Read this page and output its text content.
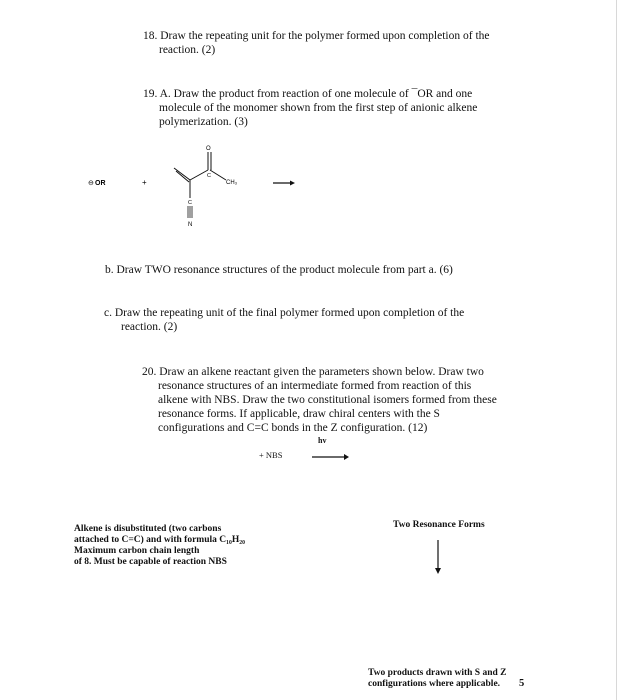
18. Draw the repeating unit for the polymer formed upon completion of the
reaction. (2)
19. A. Draw the product from reaction of one molecule of ¯OR and one
molecule of the monomer shown from the first step of anionic alkene
polymerization. (3)
⊖ OR	+
O
C
CH₃
C
N
b. Draw TWO resonance structures of the product molecule from part a. (6)
c. Draw the repeating unit of the final polymer formed upon completion of the
reaction. (2)
20. Draw an alkene reactant given the parameters shown below. Draw two
resonance structures of an intermediate formed from reaction of this
alkene with NBS. Draw the two constitutional isomers formed from these
resonance forms. If applicable, draw chiral centers with the S
configurations and C=C bonds in the Z configuration. (12)
hv
+ NBS
Alkene is disubstituted (two carbons
attached to C=C) and with formula C₁₀H₂₀
Maximum carbon chain length
of 8. Must be capable of reaction NBS
Two Resonance Forms
Two products drawn with S and Z
configurations where applicable.	5
